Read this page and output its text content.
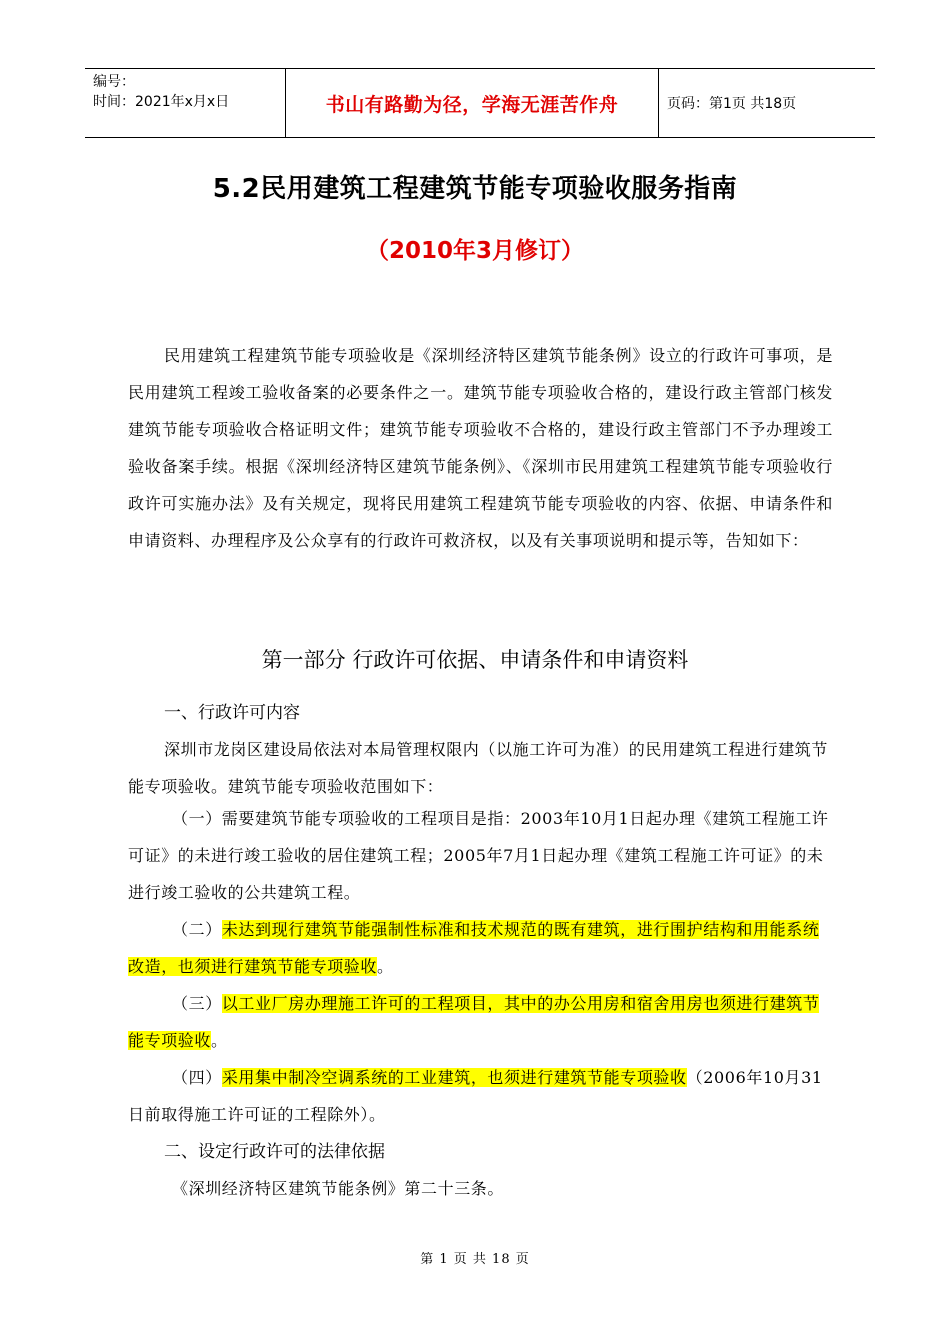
编号：
时间：2021年x月x日	书山有路勤为径，学海无涯苦作舟	页码：第1页 共18页
5.2民用建筑工程建筑节能专项验收服务指南
（2010年3月修订）
民用建筑工程建筑节能专项验收是《深圳经济特区建筑节能条例》设立的行政许可事项，是民用建筑工程竣工验收备案的必要条件之一。建筑节能专项验收合格的，建设行政主管部门核发建筑节能专项验收合格证明文件；建筑节能专项验收不合格的，建设行政主管部门不予办理竣工验收备案手续。根据《深圳经济特区建筑节能条例》、《深圳市民用建筑工程建筑节能专项验收行政许可实施办法》及有关规定，现将民用建筑工程建筑节能专项验收的内容、依据、申请条件和申请资料、办理程序及公众享有的行政许可救济权，以及有关事项说明和提示等，告知如下：
第一部分 行政许可依据、申请条件和申请资料
一、行政许可内容
深圳市龙岗区建设局依法对本局管理权限内（以施工许可为准）的民用建筑工程进行建筑节能专项验收。建筑节能专项验收范围如下：
（一）需要建筑节能专项验收的工程项目是指：2003年10月1日起办理《建筑工程施工许可证》的未进行竣工验收的居住建筑工程；2005年7月1日起办理《建筑工程施工许可证》的未进行竣工验收的公共建筑工程。
（二）未达到现行建筑节能强制性标准和技术规范的既有建筑，进行围护结构和用能系统改造，也须进行建筑节能专项验收。
（三）以工业厂房办理施工许可的工程项目，其中的办公用房和宿舍用房也须进行建筑节能专项验收。
（四）采用集中制冷空调系统的工业建筑，也须进行建筑节能专项验收（2006年10月31日前取得施工许可证的工程除外）。
二、设定行政许可的法律依据
《深圳经济特区建筑节能条例》第二十三条。
第 1 页 共 18 页
